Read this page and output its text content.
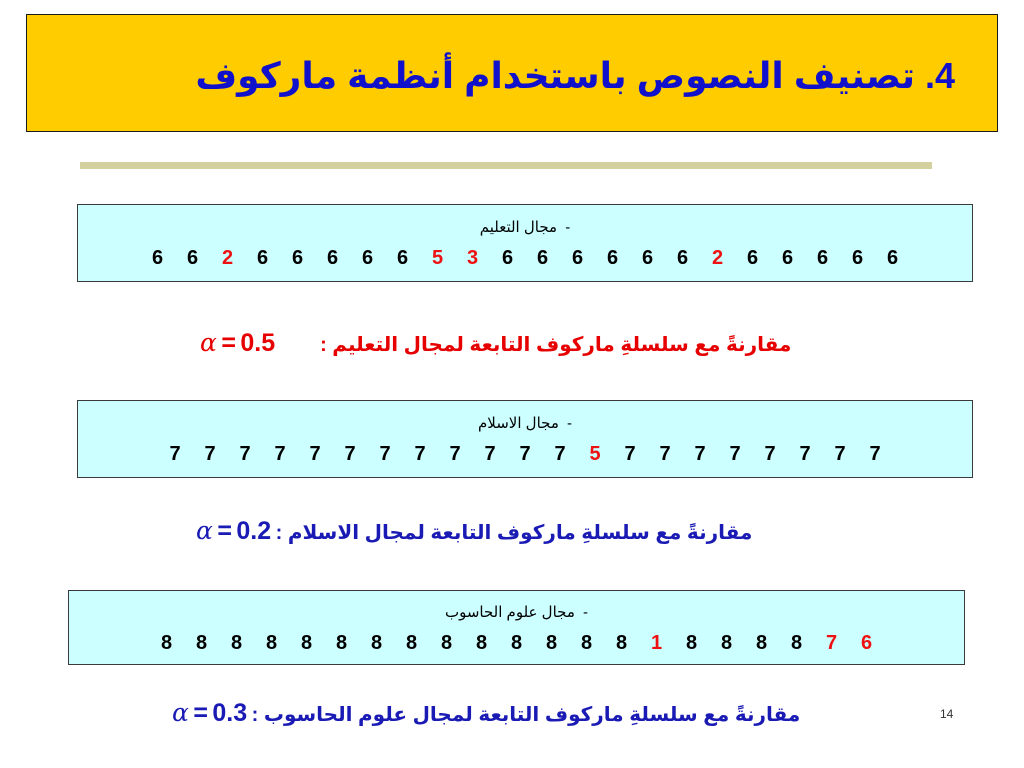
4. تصنيف النصوص باستخدام أنظمة ماركوف
- مجال التعليم
6	6	2	6	6	6	6	6	5	3	6	6	6	6	6	6	2	6	6	6	6	6
مقارنةً مع سلسلةِ ماركوف التابعة لمجال التعليم :  α = 0.5
- مجال الاسلام
7	7	7	7	7	7	7	7	7	7	7	7	5	7	7	7	7	7	7	7	7
مقارنةً مع سلسلةِ ماركوف التابعة لمجال الاسلام : α = 0.2
- مجال علوم الحاسوب
8	8	8	8	8	8	8	8	8	8	8	8	8	8	1	8	8	8	8	7	6
مقارنةً مع سلسلةِ ماركوف التابعة لمجال علوم الحاسوب : α = 0.3	14
